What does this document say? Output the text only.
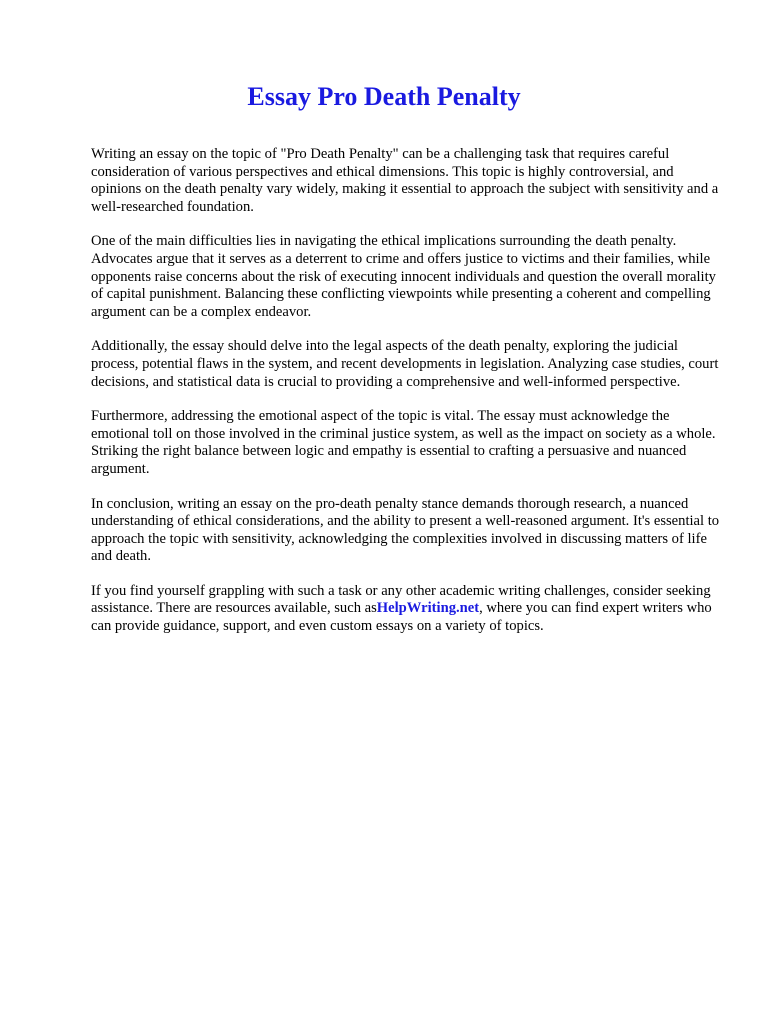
Essay Pro Death Penalty

Writing an essay on the topic of "Pro Death Penalty" can be a challenging task that requires careful consideration of various perspectives and ethical dimensions. This topic is highly controversial, and opinions on the death penalty vary widely, making it essential to approach the subject with sensitivity and a well-researched foundation.

One of the main difficulties lies in navigating the ethical implications surrounding the death penalty. Advocates argue that it serves as a deterrent to crime and offers justice to victims and their families, while opponents raise concerns about the risk of executing innocent individuals and question the overall morality of capital punishment. Balancing these conflicting viewpoints while presenting a coherent and compelling argument can be a complex endeavor.

Additionally, the essay should delve into the legal aspects of the death penalty, exploring the judicial process, potential flaws in the system, and recent developments in legislation. Analyzing case studies, court decisions, and statistical data is crucial to providing a comprehensive and well-informed perspective.

Furthermore, addressing the emotional aspect of the topic is vital. The essay must acknowledge the emotional toll on those involved in the criminal justice system, as well as the impact on society as a whole. Striking the right balance between logic and empathy is essential to crafting a persuasive and nuanced argument.

In conclusion, writing an essay on the pro-death penalty stance demands thorough research, a nuanced understanding of ethical considerations, and the ability to present a well-reasoned argument. It's essential to approach the topic with sensitivity, acknowledging the complexities involved in discussing matters of life and death.

If you find yourself grappling with such a task or any other academic writing challenges, consider seeking assistance. There are resources available, such asHelpWriting.net, where you can find expert writers who can provide guidance, support, and even custom essays on a variety of topics.
